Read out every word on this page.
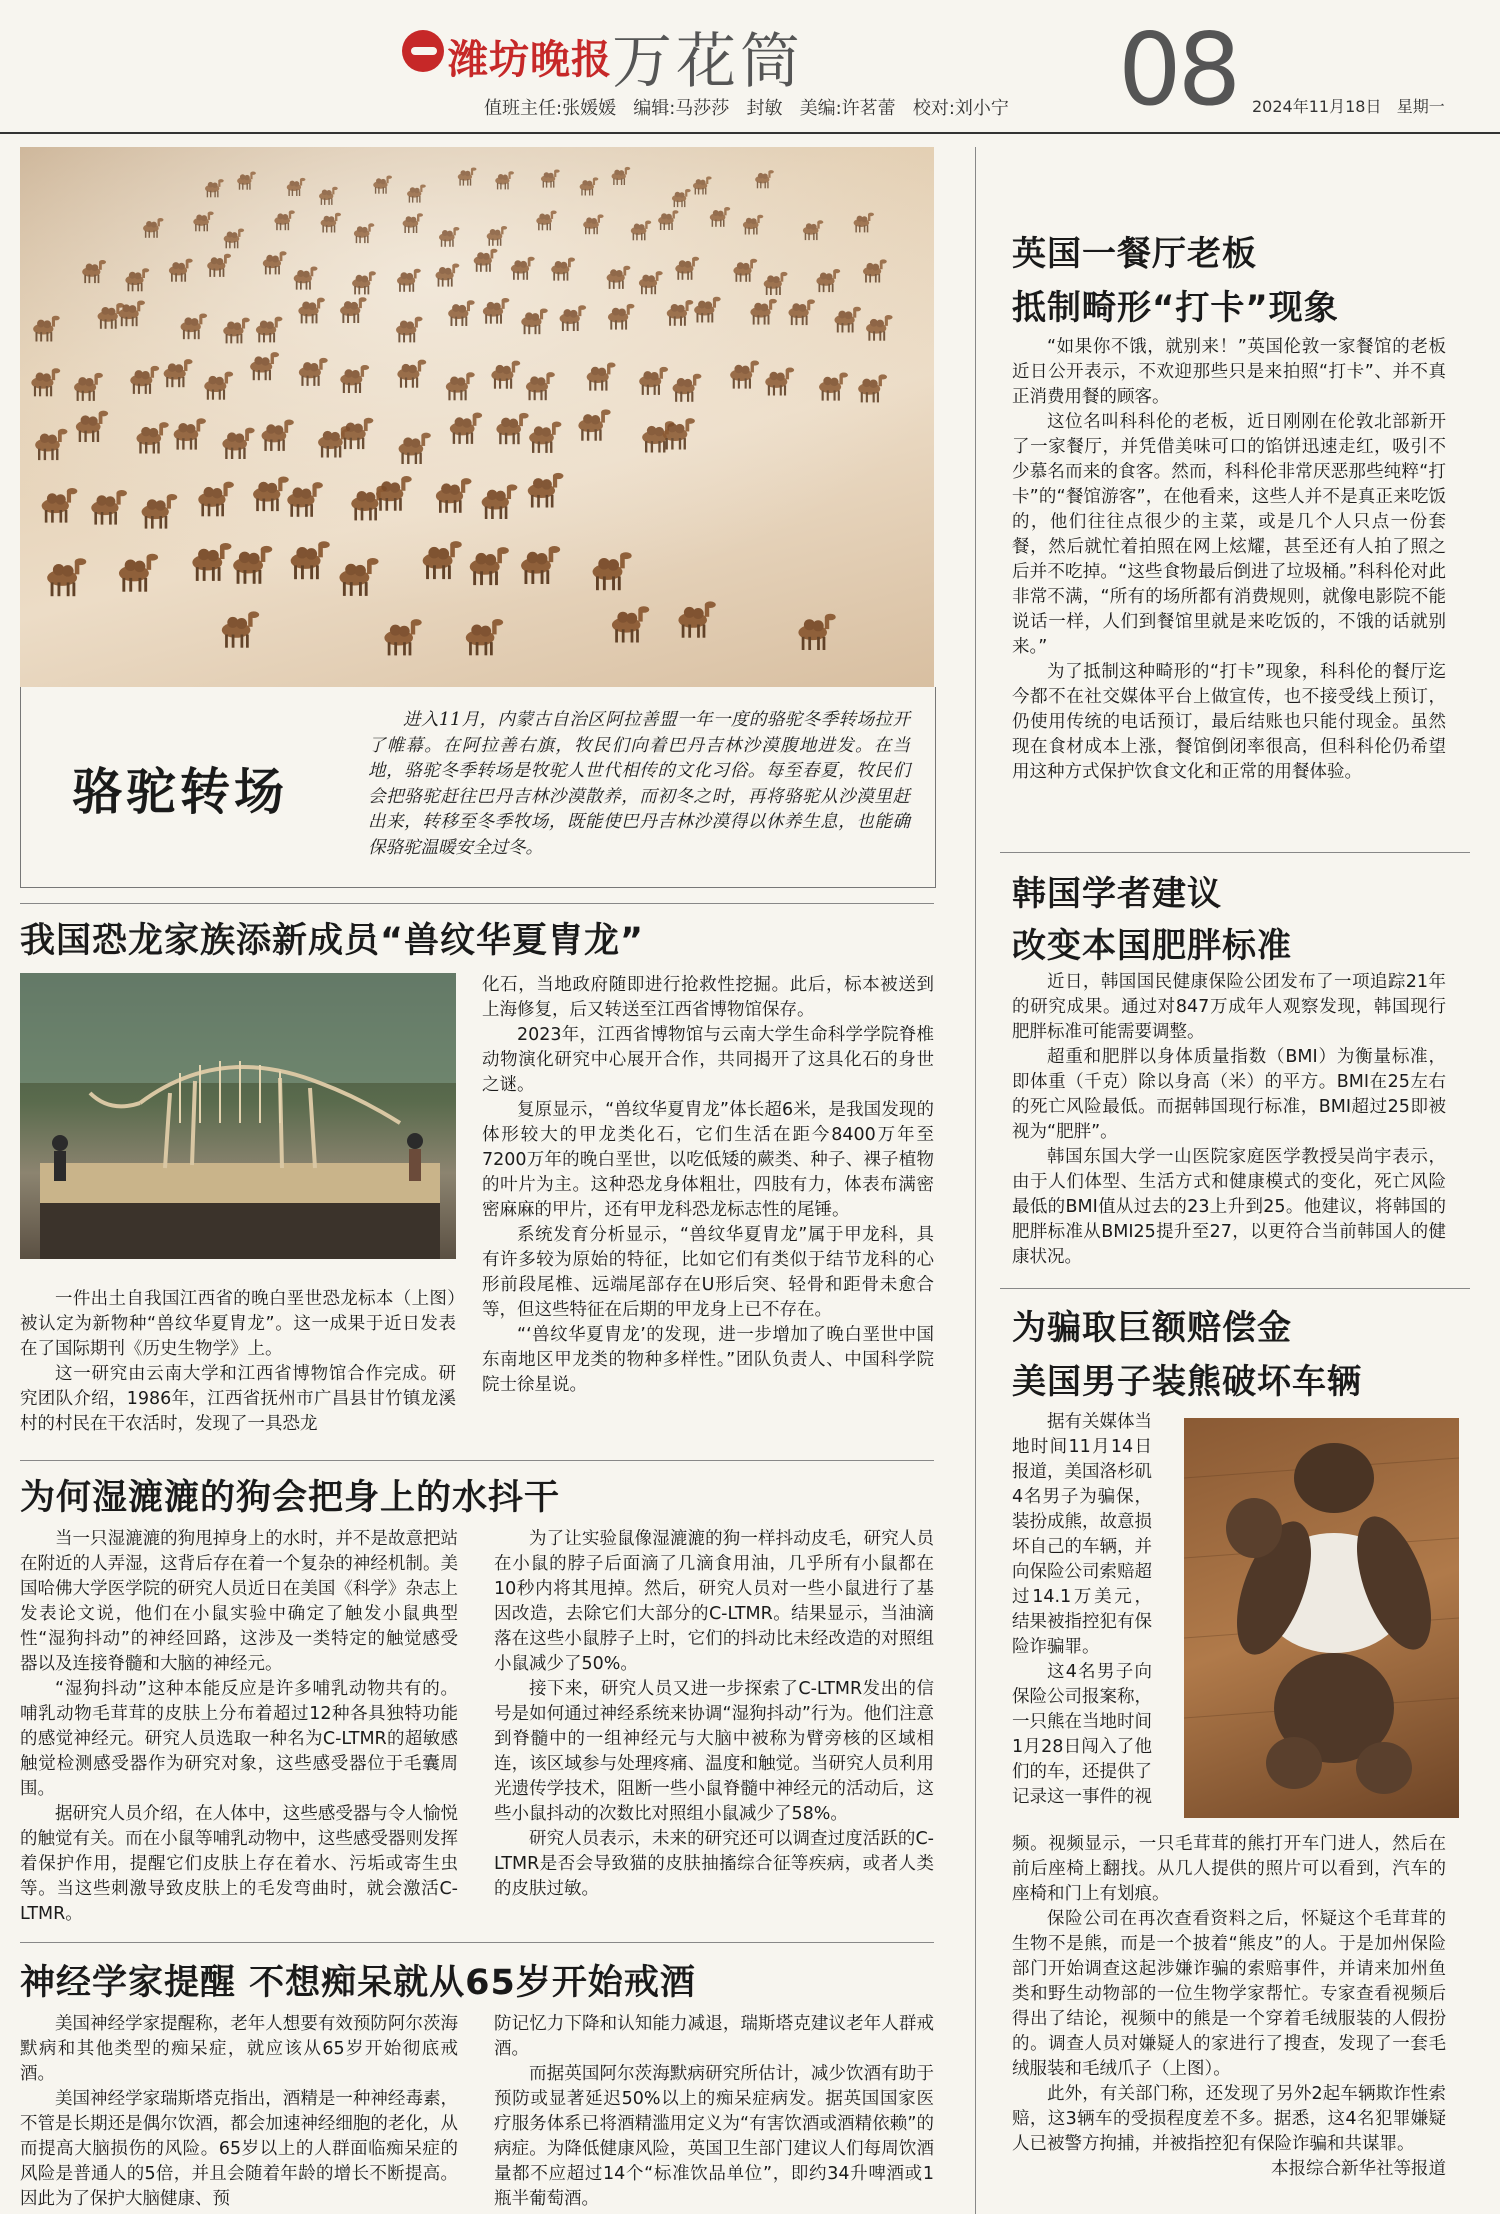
潍坊晚报 万花筒	08
值班主任:张媛媛   编辑:马莎莎   封敏   美编:许茗蕾   校对:刘小宁	2024年11月18日   星期一
骆驼转场
进入11月，内蒙古自治区阿拉善盟一年一度的骆驼冬季转场拉开了帷幕。在阿拉善右旗，牧民们向着巴丹吉林沙漠腹地进发。在当地，骆驼冬季转场是牧驼人世代相传的文化习俗。每至春夏，牧民们会把骆驼赶往巴丹吉林沙漠散养，而初冬之时，再将骆驼从沙漠里赶出来，转移至冬季牧场，既能使巴丹吉林沙漠得以休养生息，也能确保骆驼温暖安全过冬。
我国恐龙家族添新成员“兽纹华夏胄龙”

一件出土自我国江西省的晚白垩世恐龙标本（上图）被认定为新物种“兽纹华夏胄龙”。这一成果于近日发表在了国际期刊《历史生物学》上。

这一研究由云南大学和江西省博物馆合作完成。研究团队介绍，1986年，江西省抚州市广昌县甘竹镇龙溪村的村民在干农活时，发现了一具恐龙

化石，当地政府随即进行抢救性挖掘。此后，标本被送到上海修复，后又转送至江西省博物馆保存。

2023年，江西省博物馆与云南大学生命科学学院脊椎动物演化研究中心展开合作，共同揭开了这具化石的身世之谜。

复原显示，“兽纹华夏胄龙”体长超6米，是我国发现的体形较大的甲龙类化石，它们生活在距今8400万年至7200万年的晚白垩世，以吃低矮的蕨类、种子、裸子植物的叶片为主。这种恐龙身体粗壮，四肢有力，体表布满密密麻麻的甲片，还有甲龙科恐龙标志性的尾锤。

系统发育分析显示，“兽纹华夏胄龙”属于甲龙科，具有许多较为原始的特征，比如它们有类似于结节龙科的心形前段尾椎、远端尾部存在U形后突、轻骨和距骨未愈合等，但这些特征在后期的甲龙身上已不存在。

“‘兽纹华夏胄龙’的发现，进一步增加了晚白垩世中国东南地区甲龙类的物种多样性。”团队负责人、中国科学院院士徐星说。

为何湿漉漉的狗会把身上的水抖干

当一只湿漉漉的狗甩掉身上的水时，并不是故意把站在附近的人弄湿，这背后存在着一个复杂的神经机制。美国哈佛大学医学院的研究人员近日在美国《科学》杂志上发表论文说，他们在小鼠实验中确定了触发小鼠典型性“湿狗抖动”的神经回路，这涉及一类特定的触觉感受器以及连接脊髓和大脑的神经元。

“湿狗抖动”这种本能反应是许多哺乳动物共有的。哺乳动物毛茸茸的皮肤上分布着超过12种各具独特功能的感觉神经元。研究人员选取一种名为C-LTMR的超敏感触觉检测感受器作为研究对象，这些感受器位于毛囊周围。

据研究人员介绍，在人体中，这些感受器与令人愉悦的触觉有关。而在小鼠等哺乳动物中，这些感受器则发挥着保护作用，提醒它们皮肤上存在着水、污垢或寄生虫等。当这些刺激导致皮肤上的毛发弯曲时，就会激活C-LTMR。

为了让实验鼠像湿漉漉的狗一样抖动皮毛，研究人员在小鼠的脖子后面滴了几滴食用油，几乎所有小鼠都在10秒内将其甩掉。然后，研究人员对一些小鼠进行了基因改造，去除它们大部分的C-LTMR。结果显示，当油滴落在这些小鼠脖子上时，它们的抖动比未经改造的对照组小鼠减少了50%。

接下来，研究人员又进一步探索了C-LTMR发出的信号是如何通过神经系统来协调“湿狗抖动”行为。他们注意到脊髓中的一组神经元与大脑中被称为臂旁核的区域相连，该区域参与处理疼痛、温度和触觉。当研究人员利用光遗传学技术，阻断一些小鼠脊髓中神经元的活动后，这些小鼠抖动的次数比对照组小鼠减少了58%。

研究人员表示，未来的研究还可以调查过度活跃的C-LTMR是否会导致猫的皮肤抽搐综合征等疾病，或者人类的皮肤过敏。

神经学家提醒 不想痴呆就从65岁开始戒酒

美国神经学家提醒称，老年人想要有效预防阿尔茨海默病和其他类型的痴呆症，就应该从65岁开始彻底戒酒。

美国神经学家瑞斯塔克指出，酒精是一种神经毒素，不管是长期还是偶尔饮酒，都会加速神经细胞的老化，从而提高大脑损伤的风险。65岁以上的人群面临痴呆症的风险是普通人的5倍，并且会随着年龄的增长不断提高。因此为了保护大脑健康、预

防记忆力下降和认知能力减退，瑞斯塔克建议老年人群戒酒。

而据英国阿尔茨海默病研究所估计，减少饮酒有助于预防或显著延迟50%以上的痴呆症病发。据英国国家医疗服务体系已将酒精滥用定义为“有害饮酒或酒精依赖”的病症。为降低健康风险，英国卫生部门建议人们每周饮酒量都不应超过14个“标准饮品单位”，即约34升啤酒或1瓶半葡萄酒。

英国一餐厅老板
抵制畸形“打卡”现象

“如果你不饿，就别来！”英国伦敦一家餐馆的老板近日公开表示，不欢迎那些只是来拍照“打卡”、并不真正消费用餐的顾客。

这位名叫科科伦的老板，近日刚刚在伦敦北部新开了一家餐厅，并凭借美味可口的馅饼迅速走红，吸引不少慕名而来的食客。然而，科科伦非常厌恶那些纯粹“打卡”的“餐馆游客”，在他看来，这些人并不是真正来吃饭的，他们往往点很少的主菜，或是几个人只点一份套餐，然后就忙着拍照在网上炫耀，甚至还有人拍了照之后并不吃掉。“这些食物最后倒进了垃圾桶。”科科伦对此非常不满，“所有的场所都有消费规则，就像电影院不能说话一样，人们到餐馆里就是来吃饭的，不饿的话就别来。”

为了抵制这种畸形的“打卡”现象，科科伦的餐厅迄今都不在社交媒体平台上做宣传，也不接受线上预订，仍使用传统的电话预订，最后结账也只能付现金。虽然现在食材成本上涨，餐馆倒闭率很高，但科科伦仍希望用这种方式保护饮食文化和正常的用餐体验。

韩国学者建议
改变本国肥胖标准

近日，韩国国民健康保险公团发布了一项追踪21年的研究成果。通过对847万成年人观察发现，韩国现行肥胖标准可能需要调整。

超重和肥胖以身体质量指数（BMI）为衡量标准，即体重（千克）除以身高（米）的平方。BMI在25左右的死亡风险最低。而据韩国现行标准，BMI超过25即被视为“肥胖”。

韩国东国大学一山医院家庭医学教授吴尚宇表示，由于人们体型、生活方式和健康模式的变化，死亡风险最低的BMI值从过去的23上升到25。他建议，将韩国的肥胖标准从BMI25提升至27，以更符合当前韩国人的健康状况。

为骗取巨额赔偿金
美国男子装熊破坏车辆

据有关媒体当地时间11月14日报道，美国洛杉矶4名男子为骗保，装扮成熊，故意损坏自己的车辆，并向保险公司索赔超过14.1万美元，结果被指控犯有保险诈骗罪。

这4名男子向保险公司报案称，一只熊在当地时间1月28日闯入了他们的车，还提供了记录这一事件的视

频。视频显示，一只毛茸茸的熊打开车门进人，然后在前后座椅上翻找。从几人提供的照片可以看到，汽车的座椅和门上有划痕。

保险公司在再次查看资料之后，怀疑这个毛茸茸的生物不是熊，而是一个披着“熊皮”的人。于是加州保险部门开始调查这起涉嫌诈骗的索赔事件，并请来加州鱼类和野生动物部的一位生物学家帮忙。专家查看视频后得出了结论，视频中的熊是一个穿着毛绒服装的人假扮的。调查人员对嫌疑人的家进行了搜查，发现了一套毛绒服装和毛绒爪子（上图）。

此外，有关部门称，还发现了另外2起车辆欺诈性索赔，这3辆车的受损程度差不多。据悉，这4名犯罪嫌疑人已被警方拘捕，并被指控犯有保险诈骗和共谋罪。

本报综合新华社等报道
